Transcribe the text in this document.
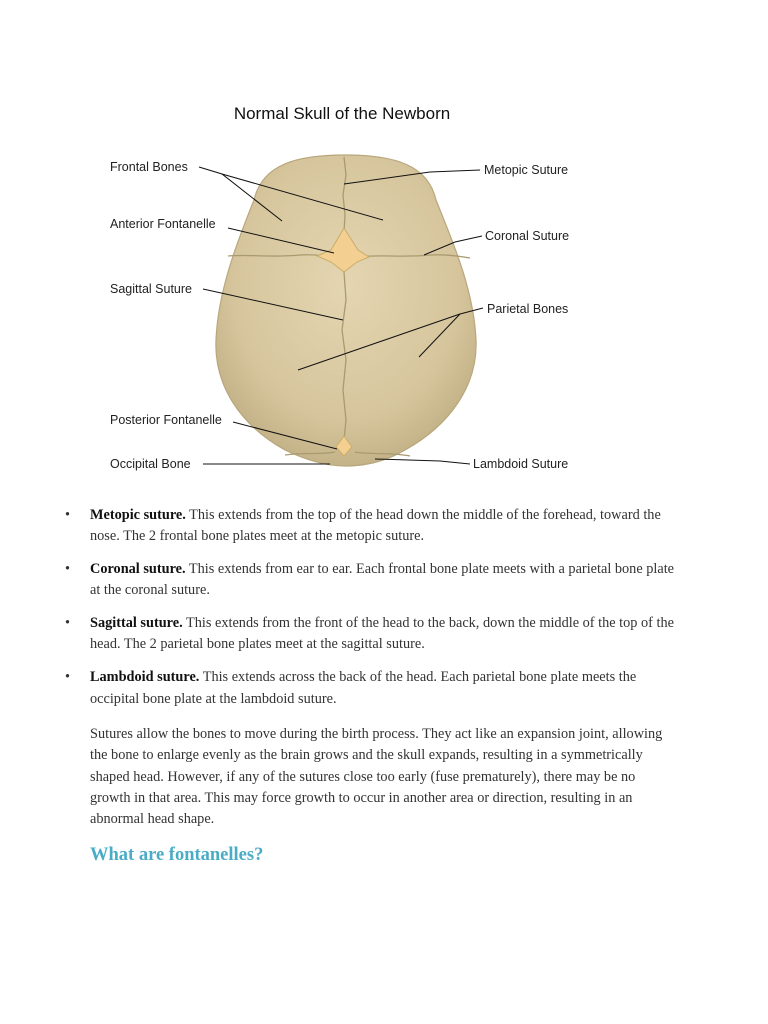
Normal Skull of the Newborn
Frontal Bones
Anterior Fontanelle
Sagittal Suture
Posterior Fontanelle
Occipital Bone
Metopic Suture
Coronal Suture
Parietal Bones
Lambdoid Suture
• Metopic suture. This extends from the top of the head down the middle of the forehead, toward the nose. The 2 frontal bone plates meet at the metopic suture.
• Coronal suture. This extends from ear to ear. Each frontal bone plate meets with a parietal bone plate at the coronal suture.
• Sagittal suture. This extends from the front of the head to the back, down the middle of the top of the head. The 2 parietal bone plates meet at the sagittal suture.
• Lambdoid suture. This extends across the back of the head. Each parietal bone plate meets the occipital bone plate at the lambdoid suture.

Sutures allow the bones to move during the birth process. They act like an expansion joint, allowing the bone to enlarge evenly as the brain grows and the skull expands, resulting in a symmetrically shaped head. However, if any of the sutures close too early (fuse prematurely), there may be no growth in that area. This may force growth to occur in another area or direction, resulting in an abnormal head shape.

What are fontanelles?
